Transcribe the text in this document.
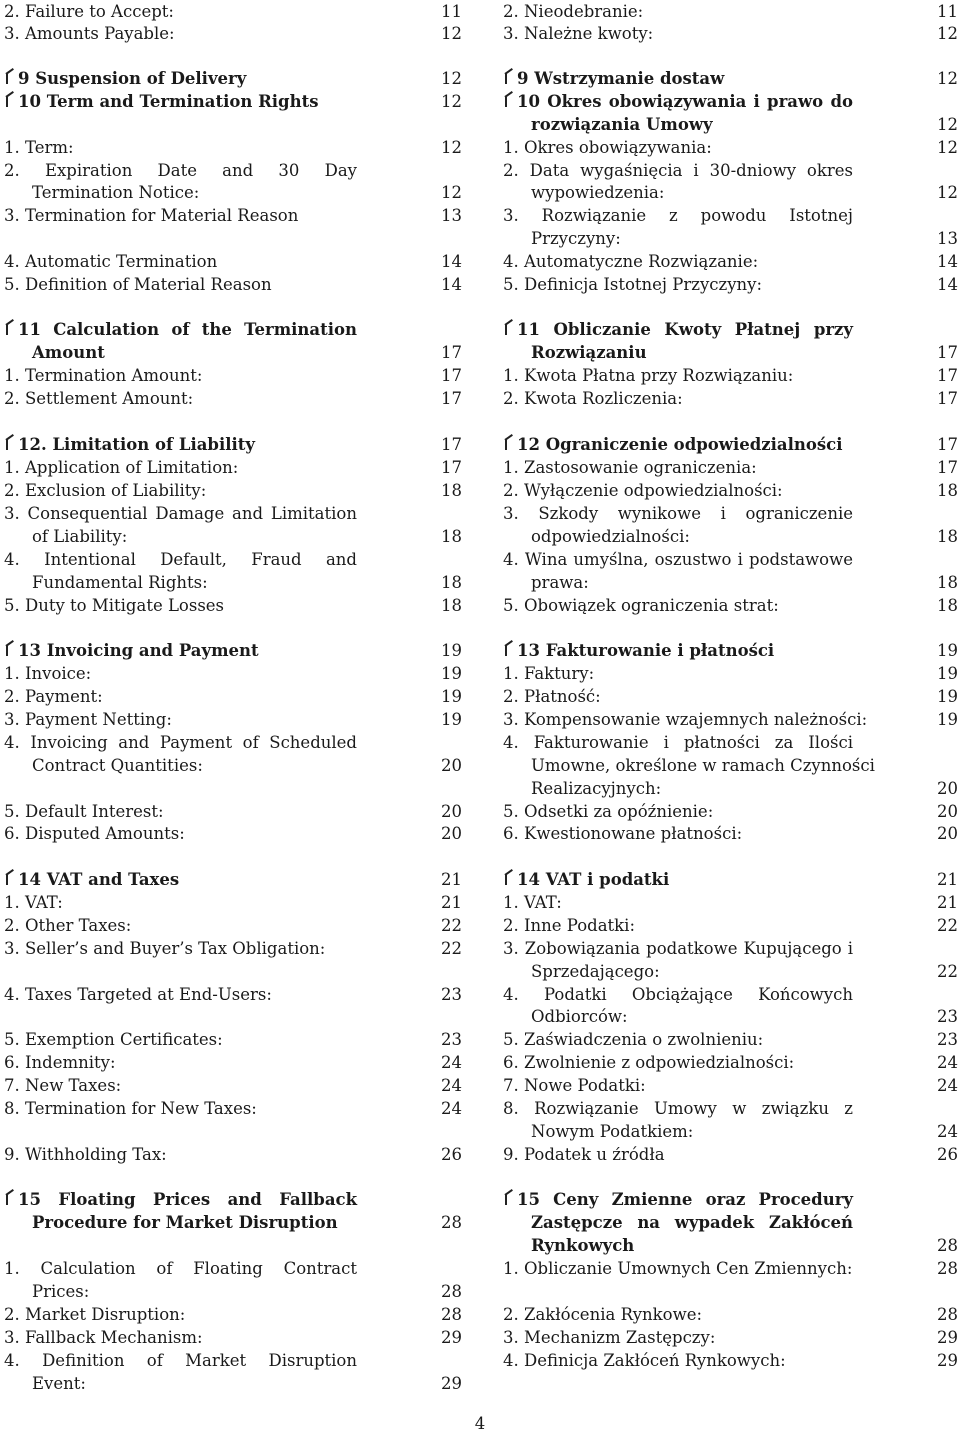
2. Failure to Accept:	11
3. Amounts Payable:	12
9 Suspension of Delivery	12
10 Term and Termination Rights	12
1. Term:	12
2. Expiration Date and 30 Day
Termination Notice:	12
3. Termination for Material Reason	13
4. Automatic Termination	14
5. Definition of Material Reason	14
11 Calculation of the Termination
Amount	17
1. Termination Amount:	17
2. Settlement Amount:	17
12. Limitation of Liability	17
1. Application of Limitation:	17
2. Exclusion of Liability:	18
3. Consequential Damage and Limitation
of Liability:	18
4. Intentional Default, Fraud and
Fundamental Rights:	18
5. Duty to Mitigate Losses	18
13 Invoicing and Payment	19
1. Invoice:	19
2. Payment:	19
3. Payment Netting:	19
4. Invoicing and Payment of Scheduled
Contract Quantities:	20
5. Default Interest:	20
6. Disputed Amounts:	20
14 VAT and Taxes	21
1. VAT:	21
2. Other Taxes:	22
3. Seller’s and Buyer’s Tax Obligation:	22
4. Taxes Targeted at End-Users:	23
5. Exemption Certificates:	23
6. Indemnity:	24
7. New Taxes:	24
8. Termination for New Taxes:	24
9. Withholding Tax:	26
15 Floating Prices and Fallback
Procedure for Market Disruption	28
1. Calculation of Floating Contract
Prices:	28
2. Market Disruption:	28
3. Fallback Mechanism:	29
4. Definition of Market Disruption
Event:	29
2. Nieodebranie:	11
3. Należne kwoty:	12
9 Wstrzymanie dostaw	12
10 Okres obowiązywania i prawo do
rozwiązania Umowy	12
1. Okres obowiązywania:	12
2. Data wygaśnięcia i 30-dniowy okres
wypowiedzenia:	12
3. Rozwiązanie z powodu Istotnej
Przyczyny:	13
4. Automatyczne Rozwiązanie:	14
5. Definicja Istotnej Przyczyny:	14
11 Obliczanie Kwoty Płatnej przy
Rozwiązaniu	17
1. Kwota Płatna przy Rozwiązaniu:	17
2. Kwota Rozliczenia:	17
12 Ograniczenie odpowiedzialności	17
1. Zastosowanie ograniczenia:	17
2. Wyłączenie odpowiedzialności:	18
3. Szkody wynikowe i ograniczenie
odpowiedzialności:	18
4. Wina umyślna, oszustwo i podstawowe
prawa:	18
5. Obowiązek ograniczenia strat:	18
13 Fakturowanie i płatności	19
1. Faktury:	19
2. Płatność:	19
3. Kompensowanie wzajemnych należności:	19
4. Fakturowanie i płatności za Ilości
Umowne, określone w ramach Czynności
Realizacyjnych:	20
5. Odsetki za opóźnienie:	20
6. Kwestionowane płatności:	20
14 VAT i podatki	21
1. VAT:	21
2. Inne Podatki:	22
3. Zobowiązania podatkowe Kupującego i
Sprzedającego:	22
4. Podatki Obciążające Końcowych
Odbiorców:	23
5. Zaświadczenia o zwolnieniu:	23
6. Zwolnienie z odpowiedzialności:	24
7. Nowe Podatki:	24
8. Rozwiązanie Umowy w związku z
Nowym Podatkiem:	24
9. Podatek u źródła	26
15 Ceny Zmienne oraz Procedury
Zastępcze na wypadek Zakłóceń
Rynkowych	28
1. Obliczanie Umownych Cen Zmiennych:	28
2. Zakłócenia Rynkowe:	28
3. Mechanizm Zastępczy:	29
4. Definicja Zakłóceń Rynkowych:	29
4
